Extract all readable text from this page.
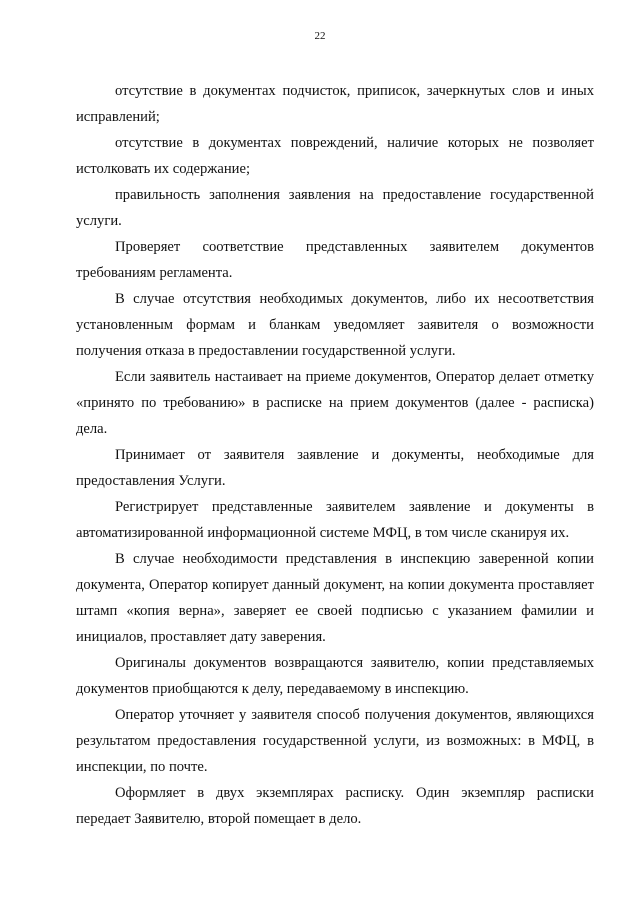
22

отсутствие в документах подчисток, приписок, зачеркнутых слов и иных исправлений;

отсутствие в документах повреждений, наличие которых не позволяет истолковать их содержание;

правильность заполнения заявления на предоставление государственной услуги.

Проверяет соответствие представленных заявителем документов требованиям регламента.

В случае отсутствия необходимых документов, либо их несоответствия установленным формам и бланкам уведомляет заявителя о возможности получения отказа в предоставлении государственной услуги.

Если заявитель настаивает на приеме документов, Оператор делает отметку «принято по требованию» в расписке на прием документов (далее - расписка) дела.

Принимает от заявителя заявление и документы, необходимые для предоставления Услуги.

Регистрирует представленные заявителем заявление и документы в автоматизированной информационной системе МФЦ, в том числе сканируя их.

В случае необходимости представления в инспекцию заверенной копии документа, Оператор копирует данный документ, на копии документа проставляет штамп «копия верна», заверяет ее своей подписью с указанием фамилии и инициалов, проставляет дату заверения.

Оригиналы документов возвращаются заявителю, копии представляемых документов приобщаются к делу, передаваемому в инспекцию.

Оператор уточняет у заявителя способ получения документов, являющихся результатом предоставления государственной услуги, из возможных: в МФЦ, в инспекции, по почте.

Оформляет в двух экземплярах расписку. Один экземпляр расписки передает Заявителю, второй помещает в дело.
